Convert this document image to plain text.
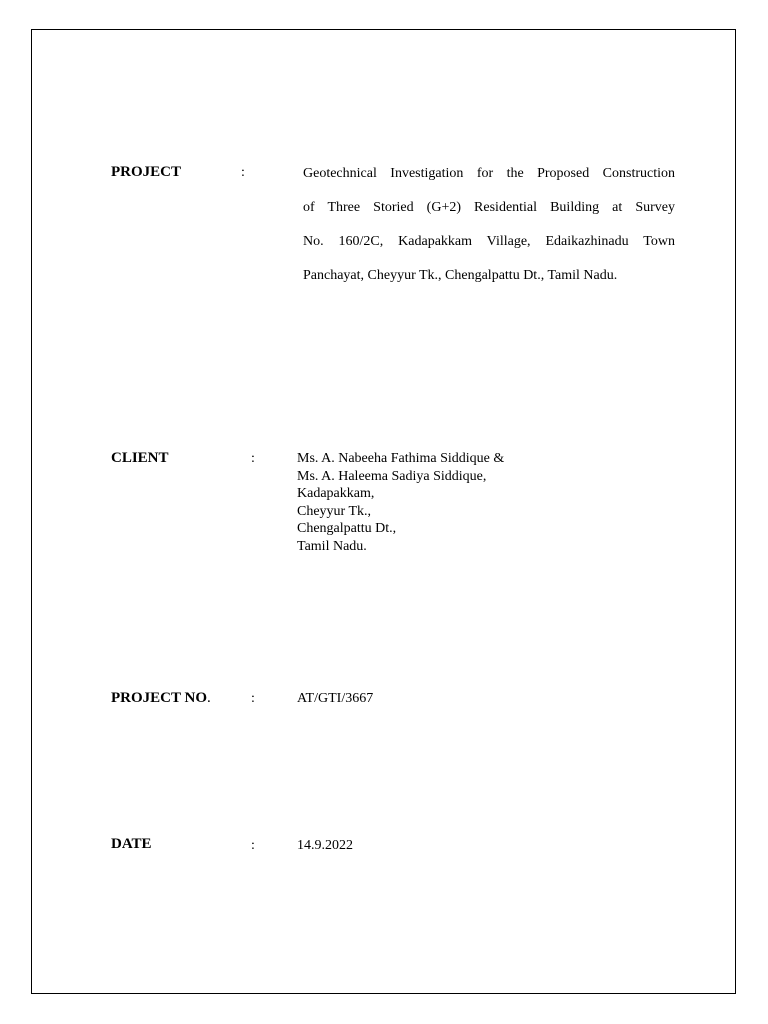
PROJECT	:	Geotechnical Investigation for the Proposed Construction
of Three Storied (G+2) Residential Building at Survey
No. 160/2C, Kadapakkam Village, Edaikazhinadu Town
Panchayat, Cheyyur Tk., Chengalpattu Dt., Tamil Nadu.
CLIENT	:	Ms. A. Nabeeha Fathima Siddique &
Ms. A. Haleema Sadiya Siddique,
Kadapakkam,
Cheyyur Tk.,
Chengalpattu Dt.,
Tamil Nadu.
PROJECT NO.	:	AT/GTI/3667
DATE	:	14.9.2022
